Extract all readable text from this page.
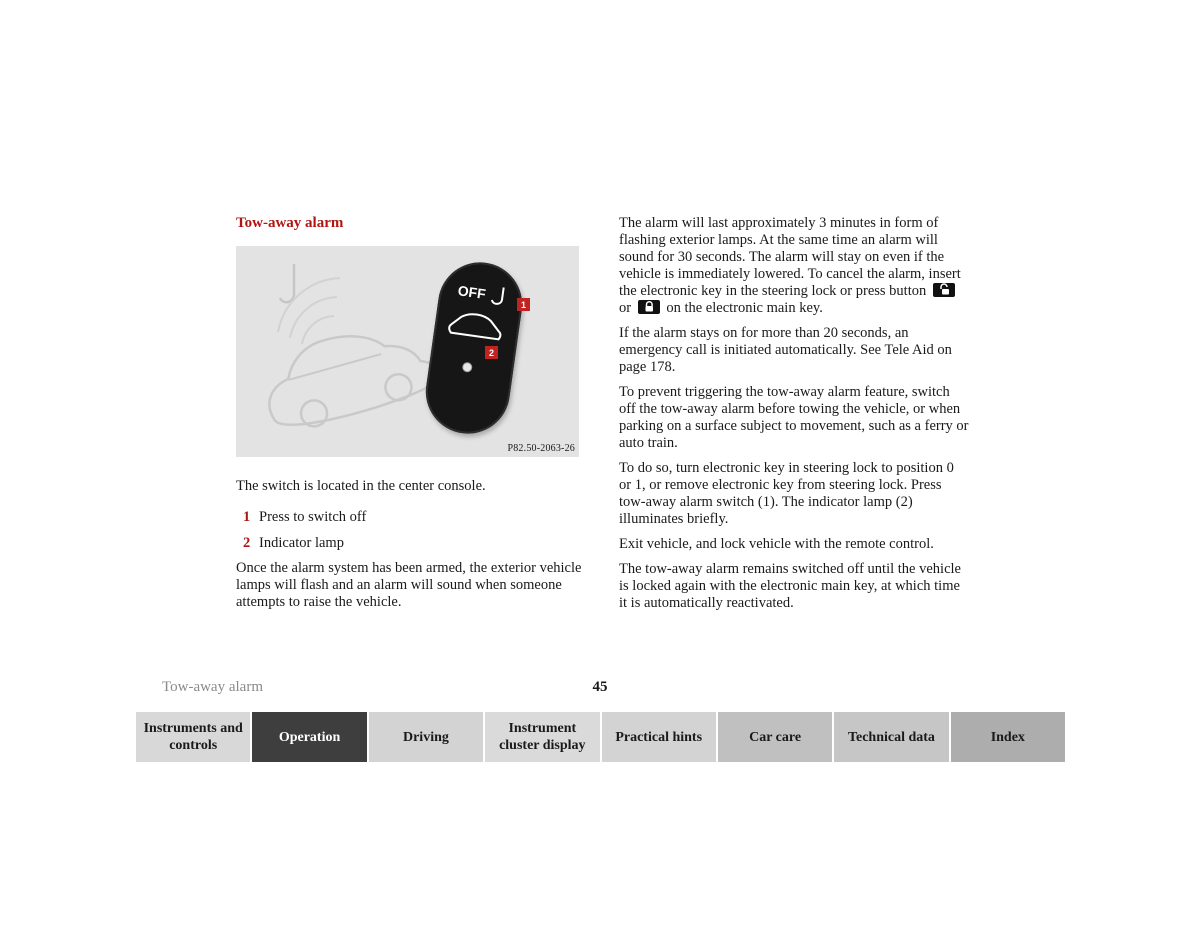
Tow-away alarm
OFF
1
2
P82.50-2063-26

The switch is located in the center console.

1 Press to switch off
2 Indicator lamp

Once the alarm system has been armed, the exterior vehicle lamps will flash and an alarm will sound when someone attempts to raise the vehicle.

The alarm will last approximately 3 minutes in form of flashing exterior lamps. At the same time an alarm will sound for 30 seconds. The alarm will stay on even if the vehicle is immediately lowered. To cancel the alarm, insert the electronic key in the steering lock or press button  or on the electronic main key.

If the alarm stays on for more than 20 seconds, an emergency call is initiated automatically. See Tele Aid on page 178.

To prevent triggering the tow-away alarm feature, switch off the tow-away alarm before towing the vehicle, or when parking on a surface subject to movement, such as a ferry or auto train.

To do so, turn electronic key in steering lock to position 0 or 1, or remove electronic key from steering lock. Press tow-away alarm switch (1). The indicator lamp (2) illuminates briefly.

Exit vehicle, and lock vehicle with the remote control.

The tow-away alarm remains switched off until the vehicle is locked again with the electronic main key, at which time it is automatically reactivated.

Tow-away alarm	45
Instruments and controls
Operation	Driving
Instrument cluster display
Practical hints	Car care	Technical data	Index
